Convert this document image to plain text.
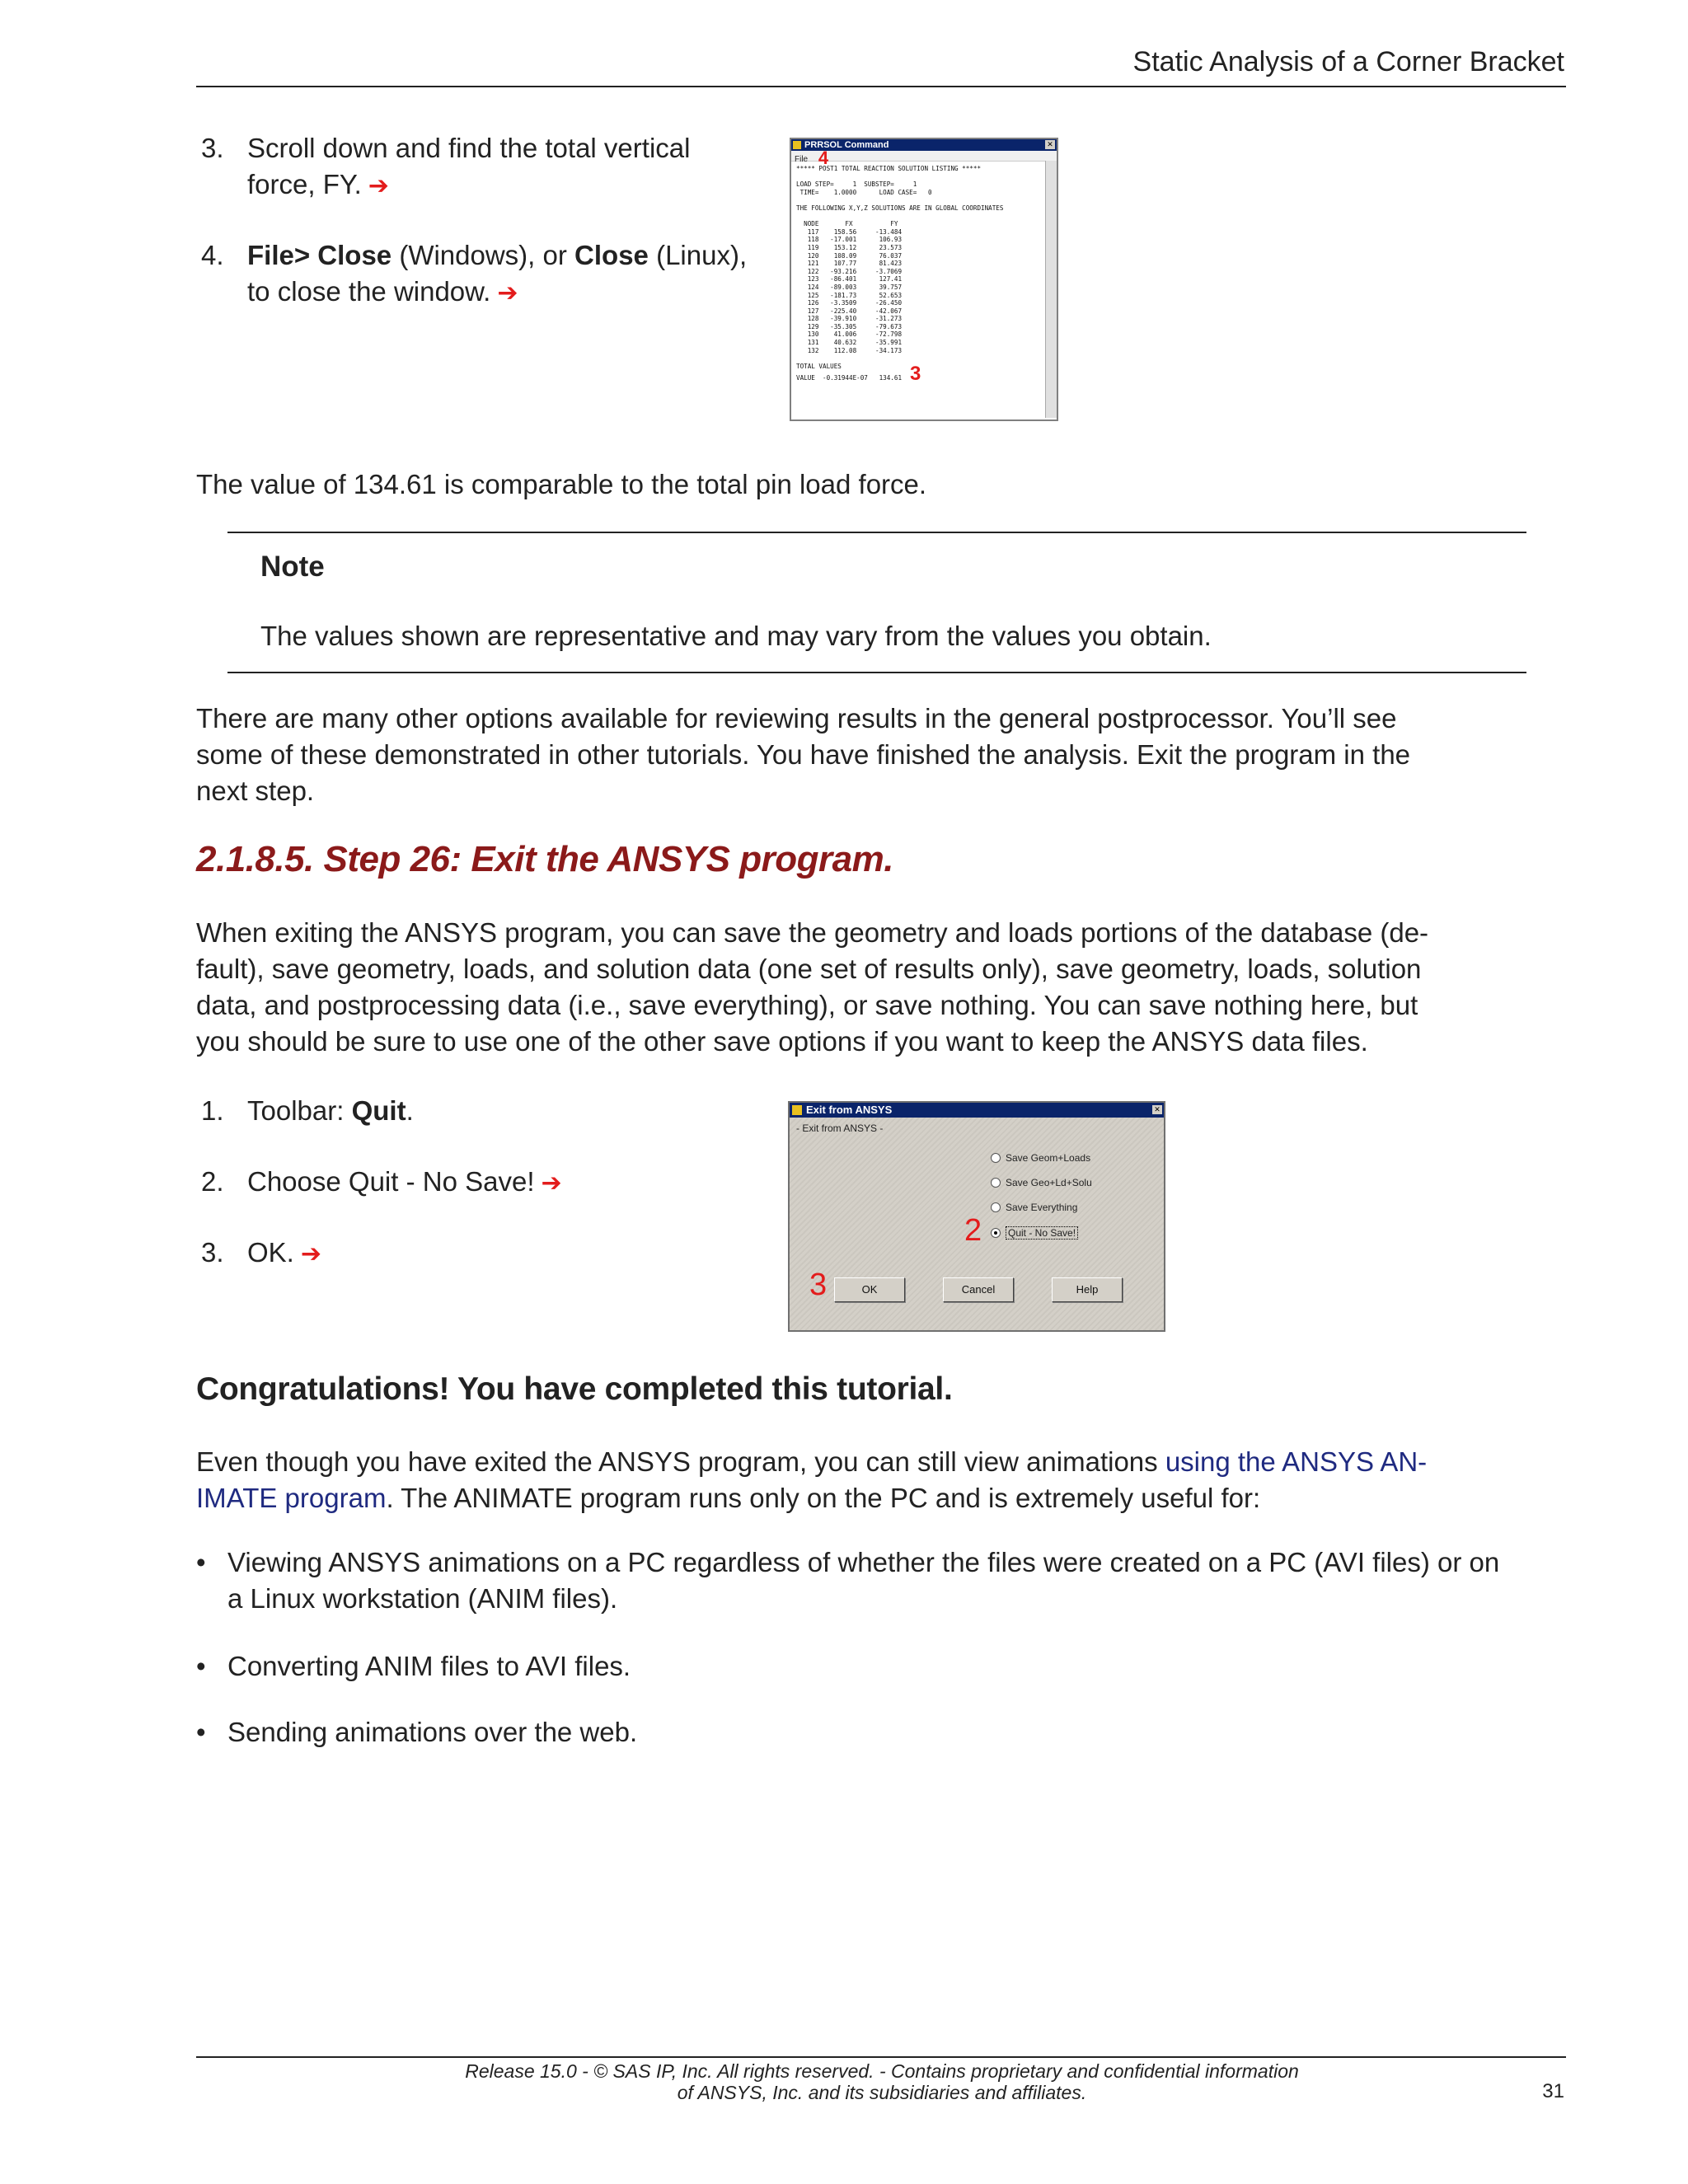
Static Analysis of a Corner Bracket
3. Scroll down and find the total vertical
force, FY. ➔
4. File> Close (Windows), or Close (Linux),
to close the window. ➔
PRRSOL Command	✕
File 4
***** POST1 TOTAL REACTION SOLUTION LISTING *****

LOAD STEP=     1  SUBSTEP=     1
TIME=    1.0000      LOAD CASE=   0

THE FOLLOWING X,Y,Z SOLUTIONS ARE IN GLOBAL COORDINATES

NODE       FX          FY
117    158.56     -13.484
118   -17.001      106.93
119    153.12      23.573
120    108.09      76.037
121    107.77      81.423
122   -93.216     -3.7069
123   -86.401      127.41
124   -89.003      39.757
125   -181.73      52.653
126   -3.3509     -26.450
127   -225.40     -42.067
128   -39.910     -31.273
129   -35.305     -79.673
130    41.006     -72.798
131    40.632     -35.991
132    112.08     -34.173

TOTAL VALUES
VALUE  -0.31944E-07   134.61 3
The value of 134.61 is comparable to the total pin load force.
Note
The values shown are representative and may vary from the values you obtain.
There are many other options available for reviewing results in the general postprocessor. You’ll see
some of these demonstrated in other tutorials. You have finished the analysis. Exit the program in the
next step.
2.1.8.5. Step 26: Exit the ANSYS program.
When exiting the ANSYS program, you can save the geometry and loads portions of the database (de-
fault), save geometry, loads, and solution data (one set of results only), save geometry, loads, solution
data, and postprocessing data (i.e., save everything), or save nothing. You can save nothing here, but
you should be sure to use one of the other save options if you want to keep the ANSYS data files.
1. Toolbar: Quit.
2. Choose Quit - No Save! ➔
3. OK. ➔
Exit from ANSYS	✕
- Exit from ANSYS -
Save Geom+Loads
Save Geo+Ld+Solu
Save Everything
Quit - No Save!
2
3	OK	Cancel	Help
Congratulations! You have completed this tutorial.
Even though you have exited the ANSYS program, you can still view animations using the ANSYS AN-
IMATE program. The ANIMATE program runs only on the PC and is extremely useful for:
• Viewing ANSYS animations on a PC regardless of whether the files were created on a PC (AVI files) or on
a Linux workstation (ANIM files).
• Converting ANIM files to AVI files.
• Sending animations over the web.
Release 15.0 - © SAS IP, Inc. All rights reserved. - Contains proprietary and confidential information
of ANSYS, Inc. and its subsidiaries and affiliates.	31
